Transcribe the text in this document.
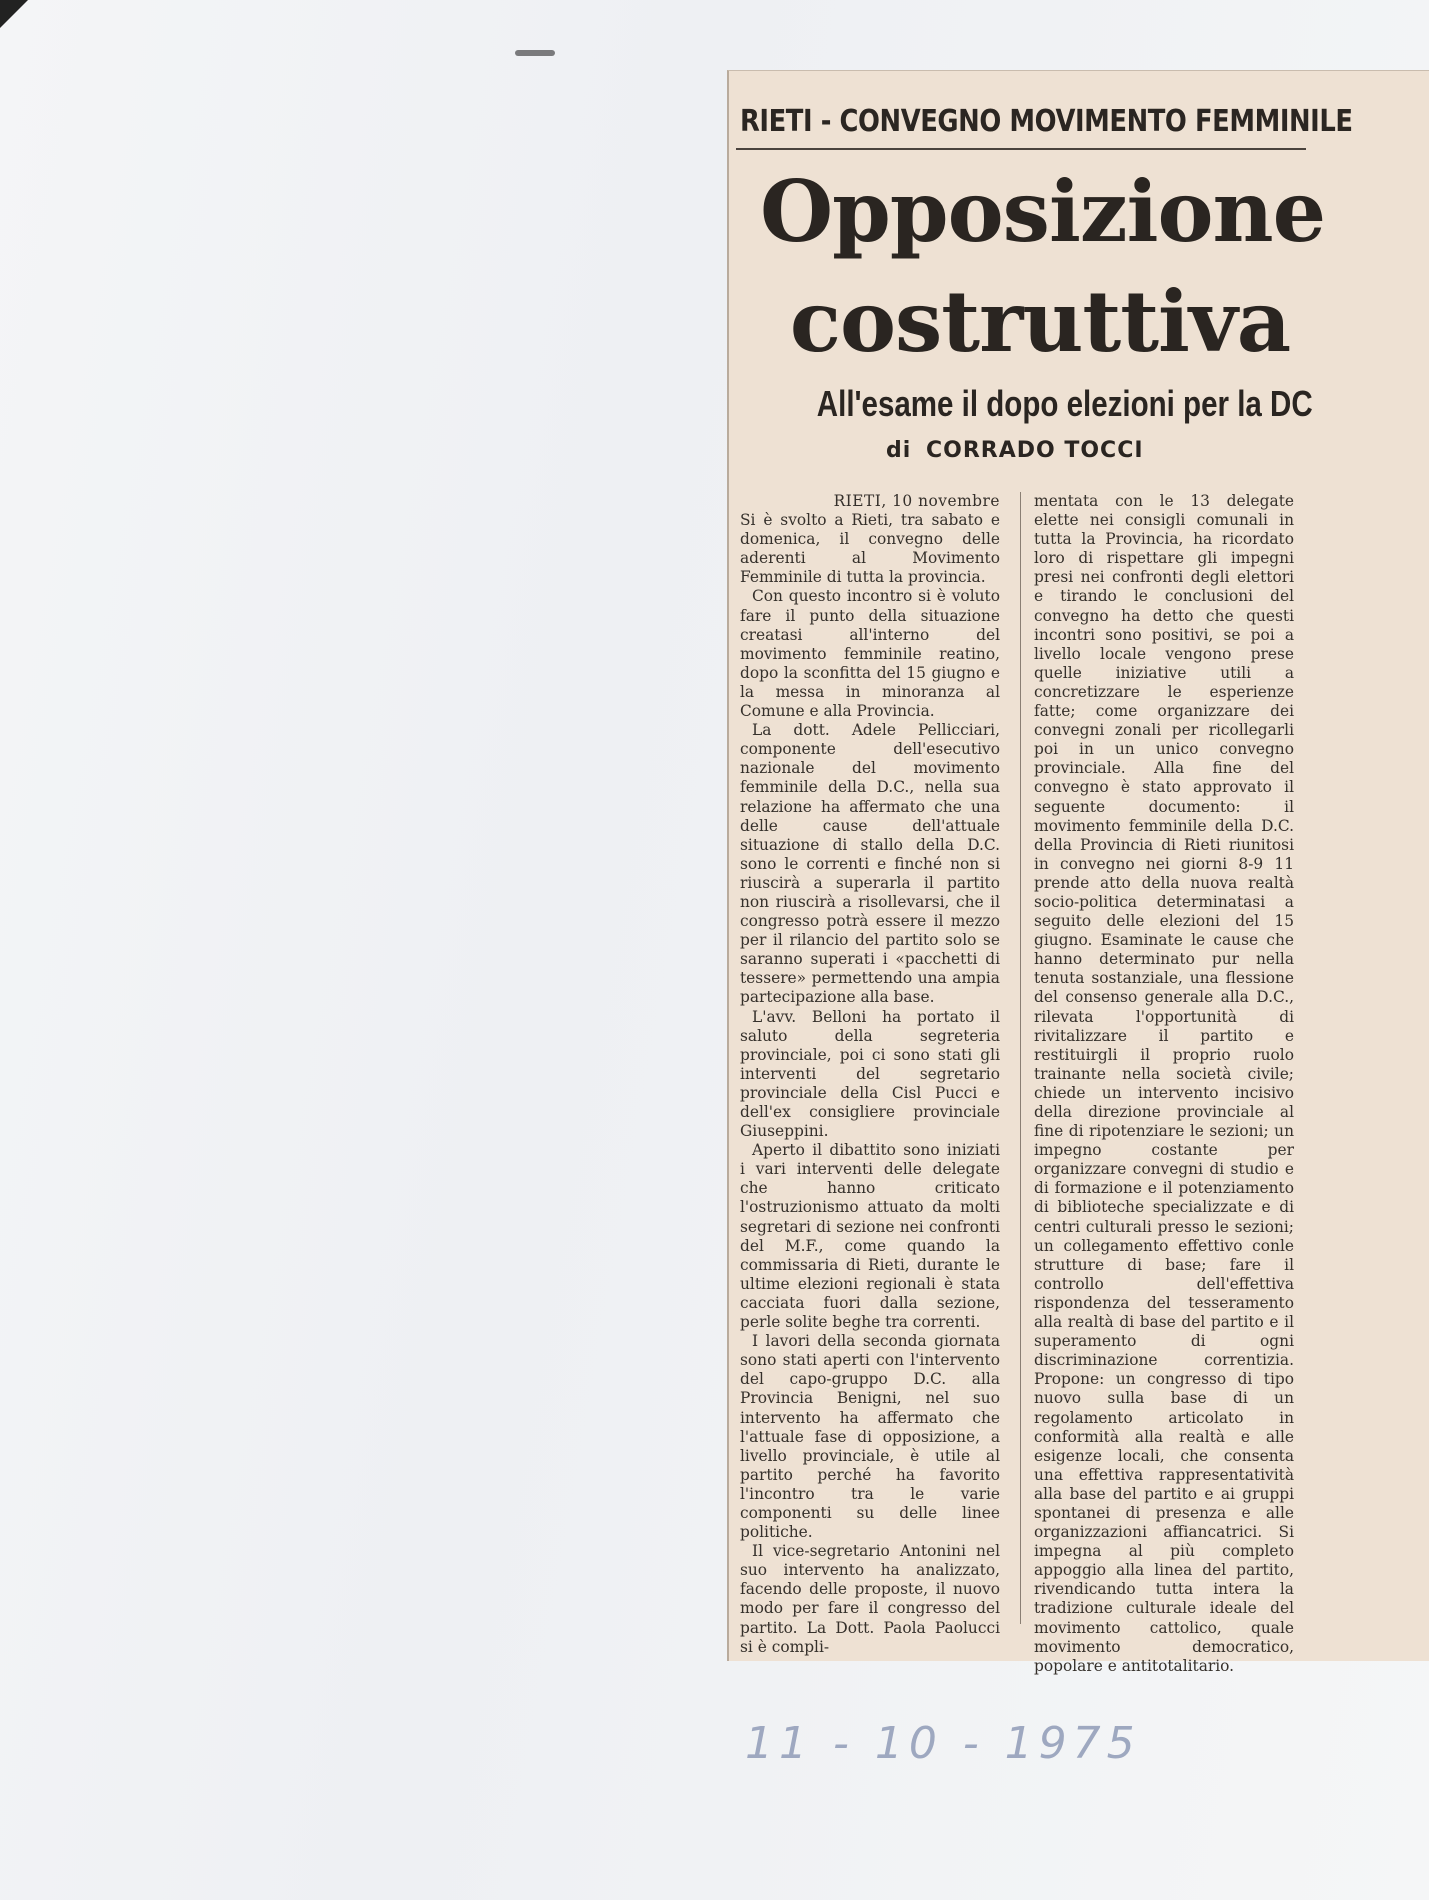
RIETI - CONVEGNO MOVIMENTO FEMMINILE
Opposizione
costruttiva
All'esame il dopo elezioni per la DC
di CORRADO TOCCI

RIETI, 10 novembre

Si è svolto a Rieti, tra sabato e domenica, il convegno delle aderenti al Movimento Femminile di tutta la provincia.

Con questo incontro si è voluto fare il punto della situazione creatasi all'interno del movimento femminile reatino, dopo la sconfitta del 15 giugno e la messa in minoranza al Comune e alla Provincia.

La dott. Adele Pellicciari, componente dell'esecutivo nazionale del movimento femminile della D.C., nella sua relazione ha affermato che una delle cause dell'attuale situazione di stallo della D.C. sono le correnti e finché non si riuscirà a superarla il partito non riuscirà a risollevarsi, che il congresso potrà essere il mezzo per il rilancio del partito solo se saranno superati i «pacchetti di tessere» permettendo una ampia partecipazione alla base.

L'avv. Belloni ha portato il saluto della segreteria provinciale, poi ci sono stati gli interventi del segretario provinciale della Cisl Pucci e dell'ex consigliere provinciale Giuseppini.

Aperto il dibattito sono iniziati i vari interventi delle delegate che hanno criticato l'ostruzionismo attuato da molti segretari di sezione nei confronti del M.F., come quando la commissaria di Rieti, durante le ultime elezioni regionali è stata cacciata fuori dalla sezione, perle solite beghe tra correnti.

I lavori della seconda giornata sono stati aperti con l'intervento del capo-gruppo D.C. alla Provincia Benigni, nel suo intervento ha affermato che l'attuale fase di opposizione, a livello provinciale, è utile al partito perché ha favorito l'incontro tra le varie componenti su delle linee politiche.

Il vice-segretario Antonini nel suo intervento ha analizzato, facendo delle proposte, il nuovo modo per fare il congresso del partito. La Dott. Paola Paolucci si è compli-

mentata con le 13 delegate elette nei consigli comunali in tutta la Provincia, ha ricordato loro di rispettare gli impegni presi nei confronti degli elettori e tirando le conclusioni del convegno ha detto che questi incontri sono positivi, se poi a livello locale vengono prese quelle iniziative utili a concretizzare le esperienze fatte; come organizzare dei convegni zonali per ricollegarli poi in un unico convegno provinciale. Alla fine del convegno è stato approvato il seguente documento: il movimento femminile della D.C. della Provincia di Rieti riunitosi in convegno nei giorni 8-9 11 prende atto della nuova realtà socio-politica determinatasi a seguito delle elezioni del 15 giugno. Esaminate le cause che hanno determinato pur nella tenuta sostanziale, una flessione del consenso generale alla D.C., rilevata l'opportunità di rivitalizzare il partito e restituirgli il proprio ruolo trainante nella società civile; chiede un intervento incisivo della direzione provinciale al fine di ripotenziare le sezioni; un impegno costante per organizzare convegni di studio e di formazione e il potenziamento di biblioteche specializzate e di centri culturali presso le sezioni; un collegamento effettivo conle strutture di base; fare il controllo dell'effettiva rispondenza del tesseramento alla realtà di base del partito e il superamento di ogni discriminazione correntizia. Propone: un congresso di tipo nuovo sulla base di un regolamento articolato in conformità alla realtà e alle esigenze locali, che consenta una effettiva rappresentatività alla base del partito e ai gruppi spontanei di presenza e alle organizzazioni affiancatrici. Si impegna al più completo appoggio alla linea del partito, rivendicando tutta intera la tradizione culturale ideale del movimento cattolico, quale movimento democratico, popolare e antitotalitario.

11 - 10 - 1975
